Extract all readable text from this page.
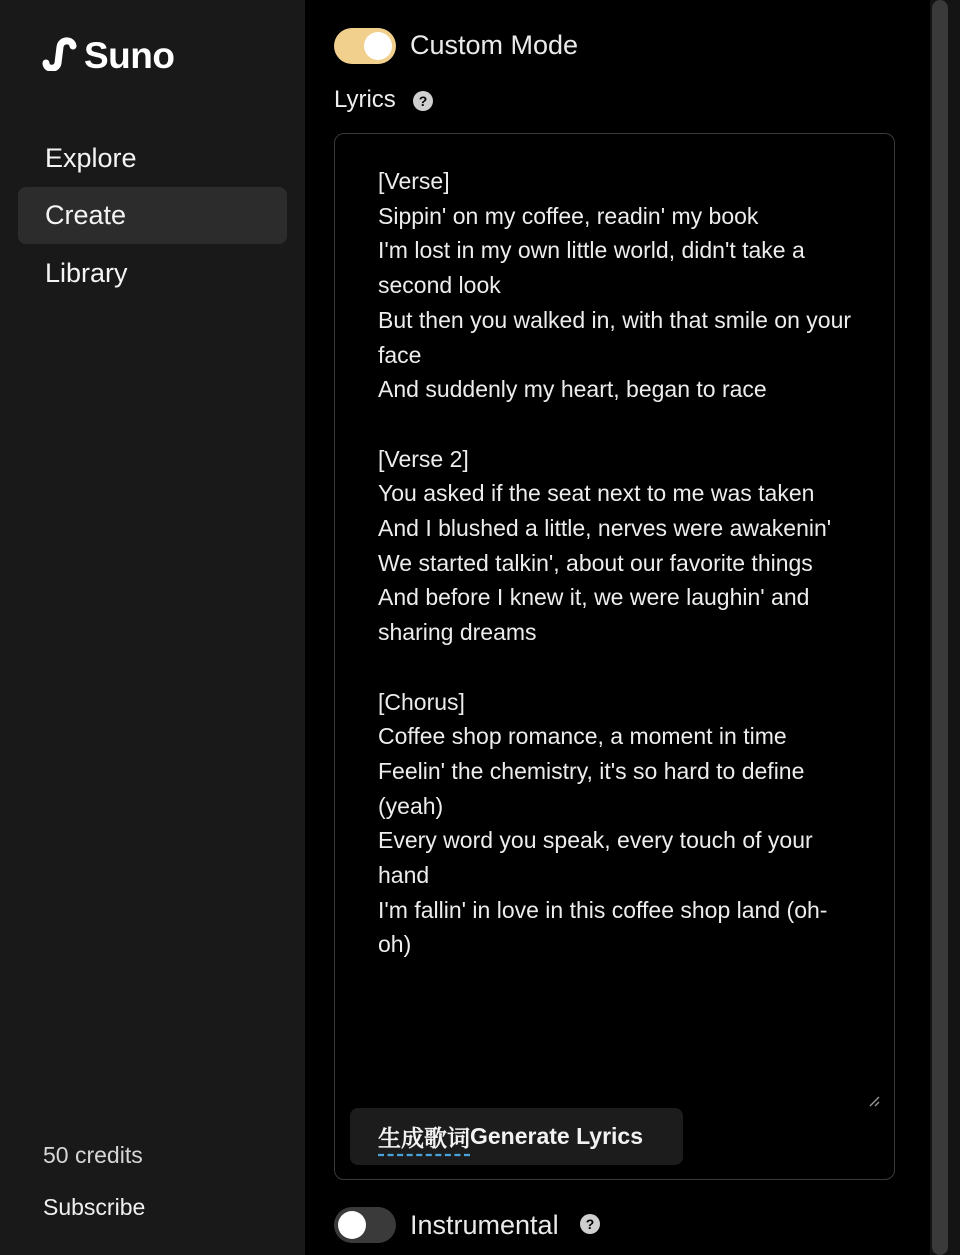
Suno
Explore
Create
Library
50 credits
Subscribe
Custom Mode
Lyrics	?

[Verse]
Sippin' on my coffee, readin' my book
I'm lost in my own little world, didn't take a second look
But then you walked in, with that smile on your face
And suddenly my heart, began to race

[Verse 2]
You asked if the seat next to me was taken
And I blushed a little, nerves were awakenin'
We started talkin', about our favorite things
And before I knew it, we were laughin' and sharing dreams

[Chorus]
Coffee shop romance, a moment in time
Feelin' the chemistry, it's so hard to define (yeah)
Every word you speak, every touch of your hand
I'm fallin' in love in this coffee shop land (oh-oh)

生成歌词 Generate Lyrics
Instrumental	?
